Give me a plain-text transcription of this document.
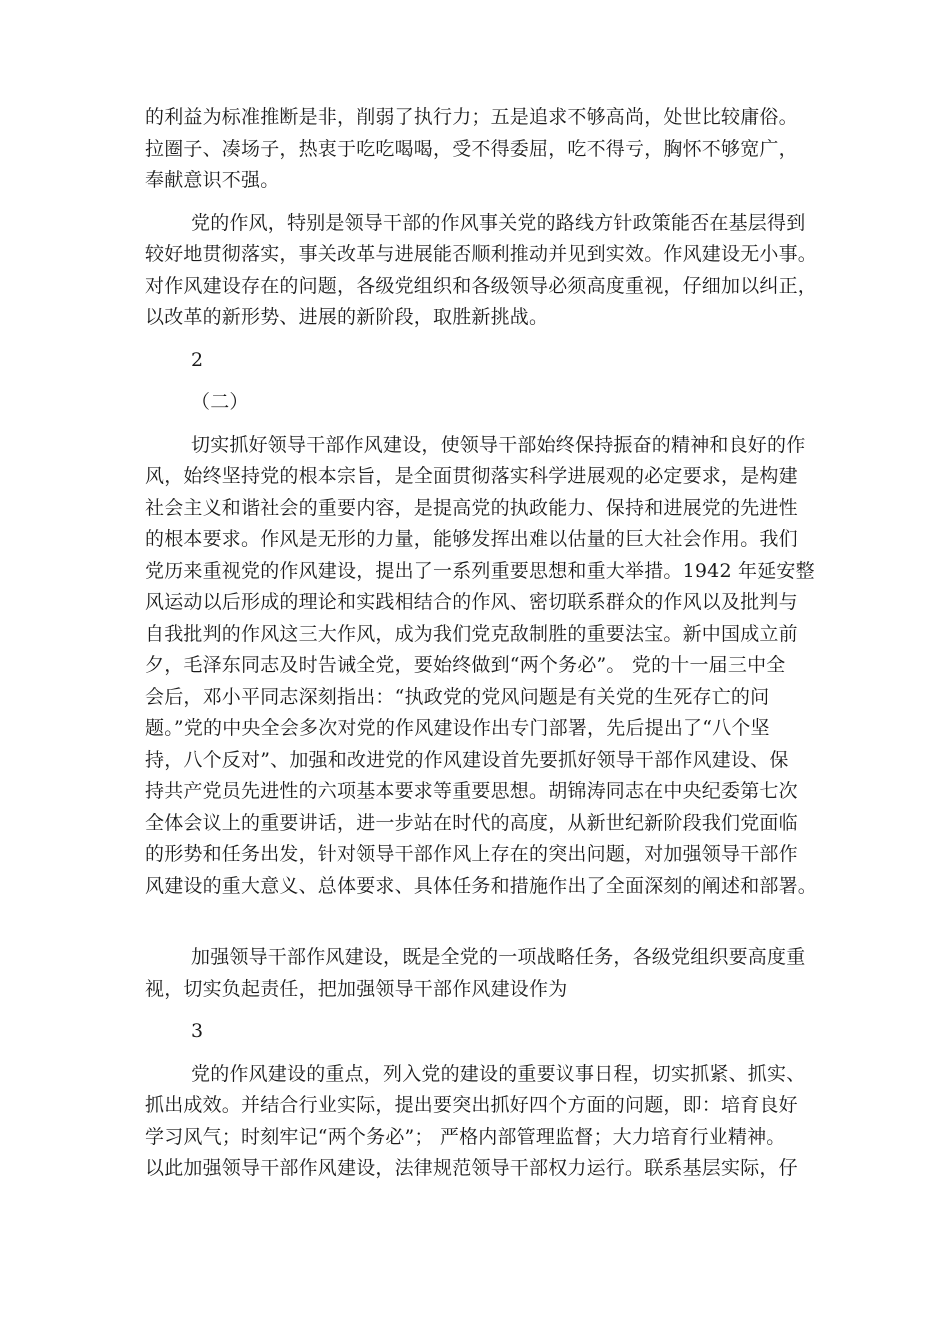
的利益为标准推断是非，削弱了执行力；五是追求不够高尚，处世比较庸俗。
拉圈子、凑场子，热衷于吃吃喝喝，受不得委屈，吃不得亏，胸怀不够宽广，
奉献意识不强。
党的作风，特别是领导干部的作风事关党的路线方针政策能否在基层得到
较好地贯彻落实，事关改革与进展能否顺利推动并见到实效。作风建设无小事。
对作风建设存在的问题，各级党组织和各级领导必须高度重视，仔细加以纠正，
以改革的新形势、进展的新阶段，取胜新挑战。
2
（二）
切实抓好领导干部作风建设，使领导干部始终保持振奋的精神和良好的作
风，始终坚持党的根本宗旨，是全面贯彻落实科学进展观的必定要求，是构建
社会主义和谐社会的重要内容，是提高党的执政能力、保持和进展党的先进性
的根本要求。作风是无形的力量，能够发挥出难以估量的巨大社会作用。我们
党历来重视党的作风建设，提出了一系列重要思想和重大举措。1942 年延安整
风运动以后形成的理论和实践相结合的作风、密切联系群众的作风以及批判与
自我批判的作风这三大作风，成为我们党克敌制胜的重要法宝。新中国成立前
夕，毛泽东同志及时告诫全党，要始终做到“两个务必”。 党的十一届三中全
会后，邓小平同志深刻指出：“执政党的党风问题是有关党的生死存亡的问
题。”党的中央全会多次对党的作风建设作出专门部署，先后提出了“八个坚
持，八个反对”、加强和改进党的作风建设首先要抓好领导干部作风建设、保
持共产党员先进性的六项基本要求等重要思想。胡锦涛同志在中央纪委第七次
全体会议上的重要讲话，进一步站在时代的高度，从新世纪新阶段我们党面临
的形势和任务出发，针对领导干部作风上存在的突出问题，对加强领导干部作
风建设的重大意义、总体要求、具体任务和措施作出了全面深刻的阐述和部署。
加强领导干部作风建设，既是全党的一项战略任务，各级党组织要高度重
视，切实负起责任，把加强领导干部作风建设作为
3
党的作风建设的重点，列入党的建设的重要议事日程，切实抓紧、抓实、
抓出成效。并结合行业实际，提出要突出抓好四个方面的问题，即：培育良好
学习风气；时刻牢记“两个务必”； 严格内部管理监督；大力培育行业精神。
以此加强领导干部作风建设，法律规范领导干部权力运行。联系基层实际，仔
